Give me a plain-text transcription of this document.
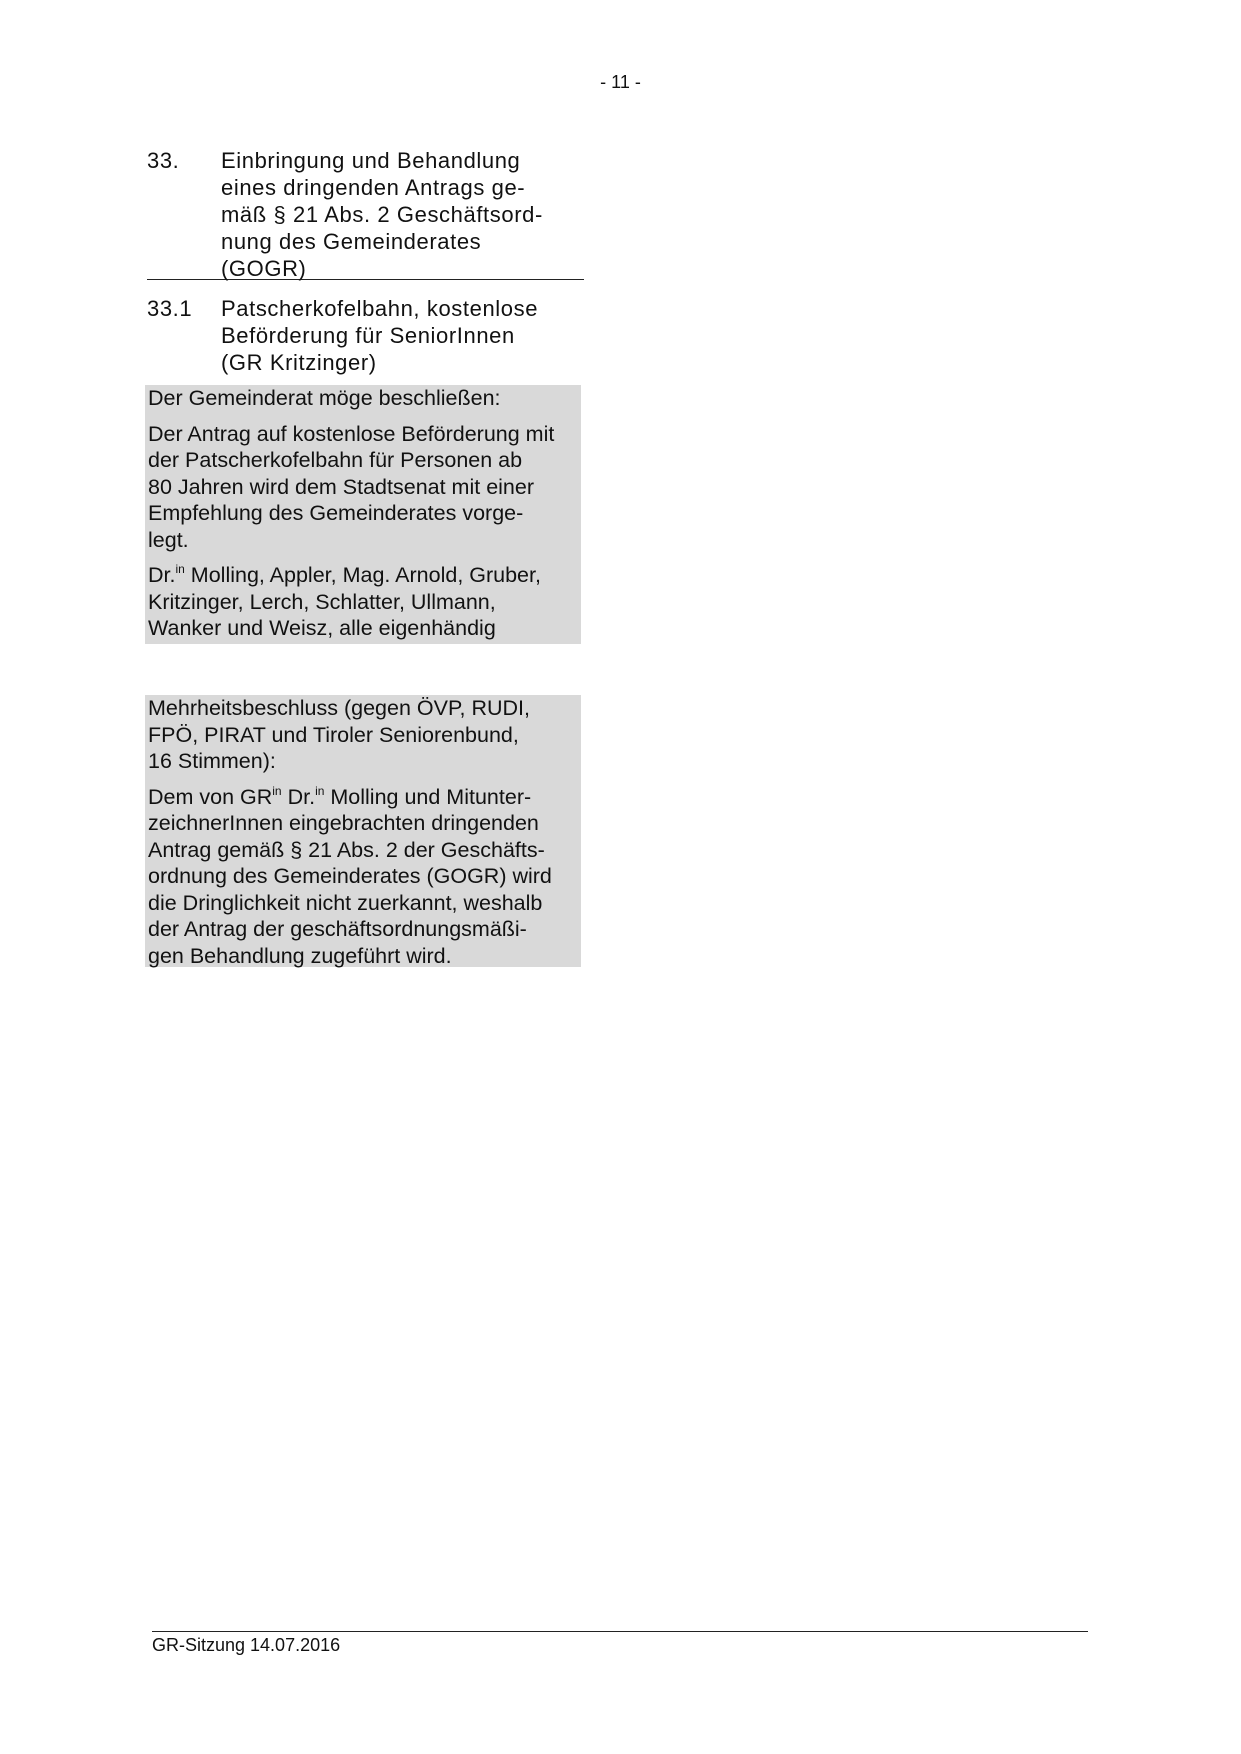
- 11 -
33. Einbringung und Behandlung
eines dringenden Antrags ge-
mäß § 21 Abs. 2 Geschäftsord-
nung des Gemeinderates
(GOGR)
33.1 Patscherkofelbahn, kostenlose
Beförderung für SeniorInnen
(GR Kritzinger)

Der Gemeinderat möge beschließen:

Der Antrag auf kostenlose Beförderung mit
der Patscherkofelbahn für Personen ab
80 Jahren wird dem Stadtsenat mit einer
Empfehlung des Gemeinderates vorge-
legt.

Dr.$^{in}$ Molling, Appler, Mag. Arnold, Gruber,
Kritzinger, Lerch, Schlatter, Ullmann,
Wanker und Weisz, alle eigenhändig

Mehrheitsbeschluss (gegen ÖVP, RUDI,
FPÖ, PIRAT und Tiroler Seniorenbund,
16 Stimmen):

Dem von $GR^{in}$ Dr.$^{in}$ Molling und Mitunter-
zeichnerInnen eingebrachten dringenden
Antrag gemäß § 21 Abs. 2 der Geschäfts-
ordnung des Gemeinderates (GOGR) wird
die Dringlichkeit nicht zuerkannt, weshalb
der Antrag der geschäftsordnungsmäßi-
gen Behandlung zugeführt wird.

GR-Sitzung 14.07.2016
